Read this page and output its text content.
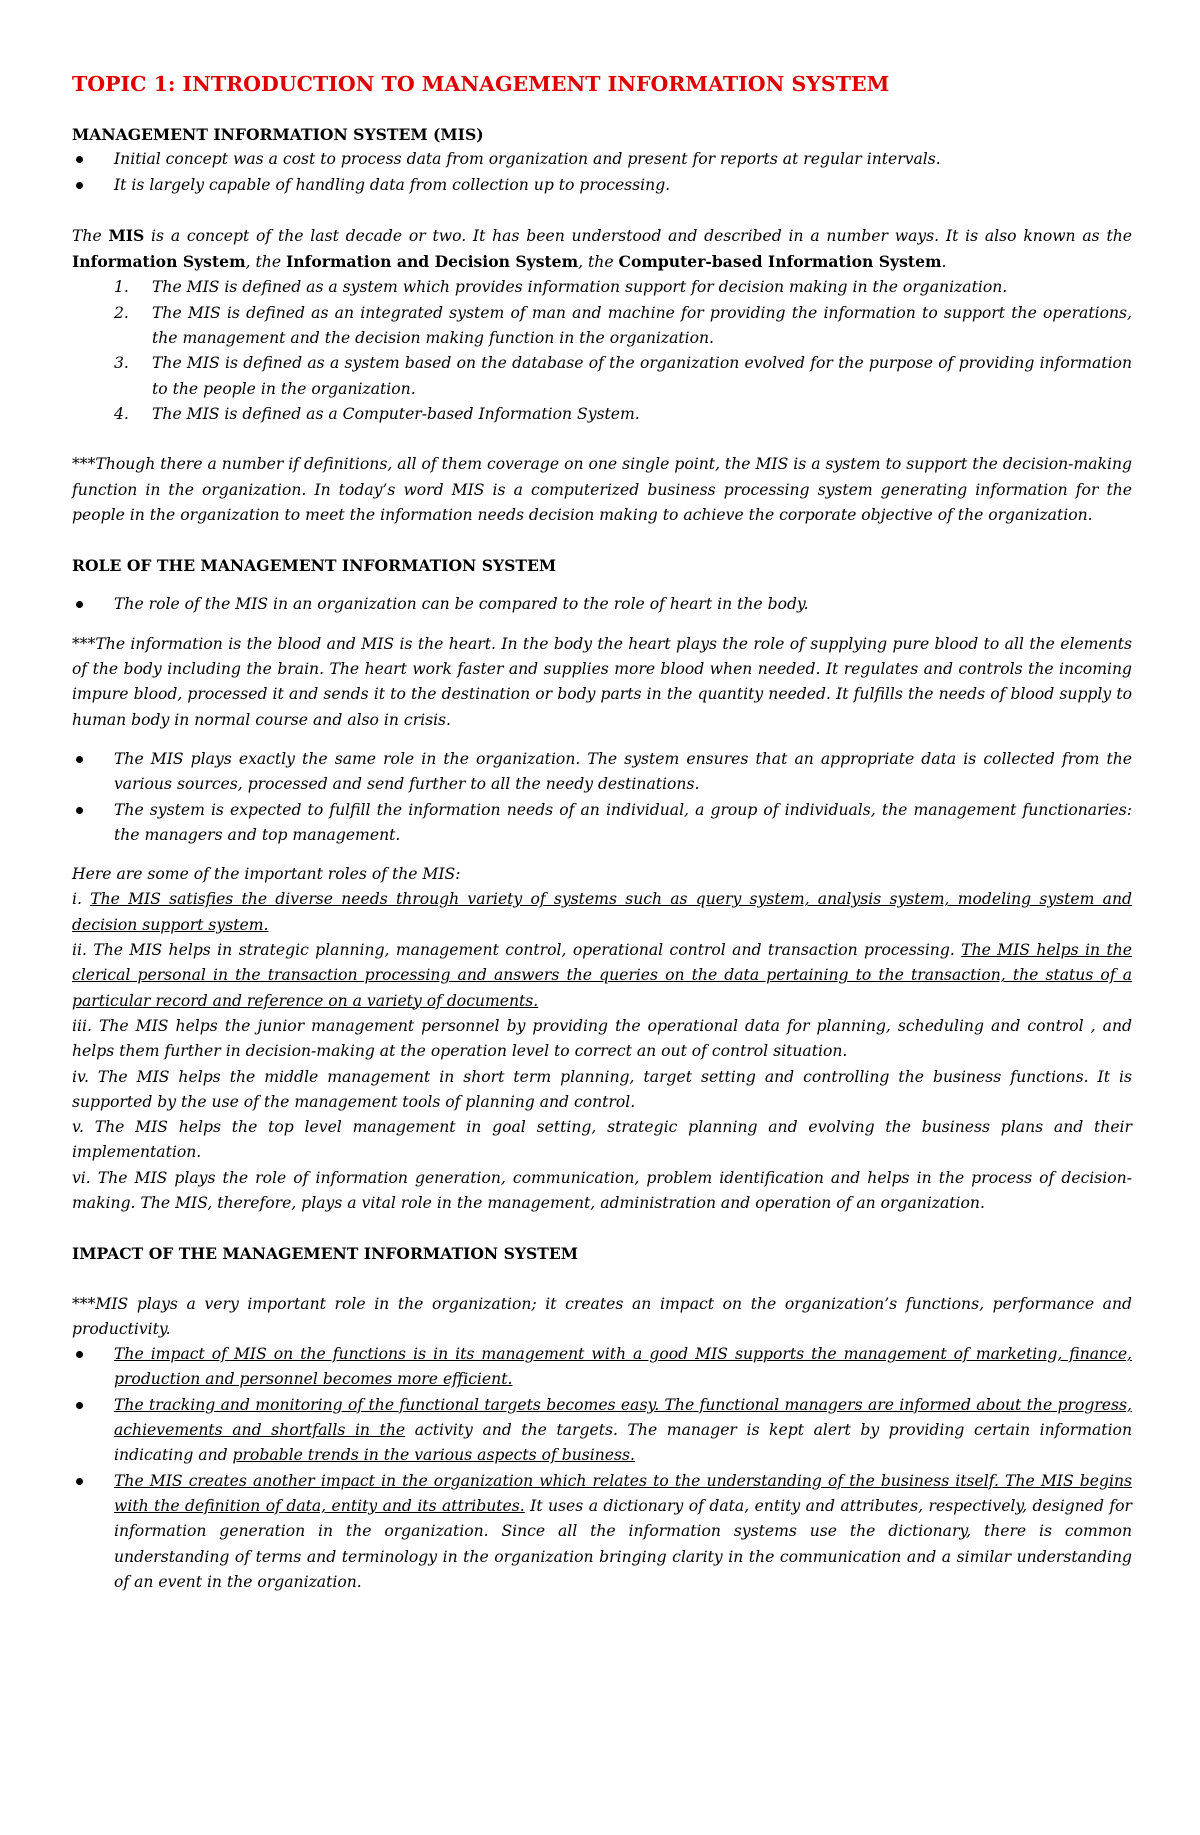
TOPIC 1: INTRODUCTION TO MANAGEMENT INFORMATION SYSTEM

MANAGEMENT INFORMATION SYSTEM (MIS)

Initial concept was a cost to process data from organization and present for reports at regular intervals.
It is largely capable of handling data from collection up to processing.

The MIS is a concept of the last decade or two. It has been understood and described in a number ways. It is also known as the Information System, the Information and Decision System, the Computer-based Information System.

1. The MIS is defined as a system which provides information support for decision making in the organization.
2. The MIS is defined as an integrated system of man and machine for providing the information to support the operations, the management and the decision making function in the organization.
3. The MIS is defined as a system based on the database of the organization evolved for the purpose of providing information to the people in the organization.
4. The MIS is defined as a Computer-based Information System.

***Though there a number if definitions, all of them coverage on one single point, the MIS is a system to support the decision-making function in the organization. In today’s word MIS is a computerized business processing system generating information for the people in the organization to meet the information needs decision making to achieve the corporate objective of the organization.

ROLE OF THE MANAGEMENT INFORMATION SYSTEM

The role of the MIS in an organization can be compared to the role of heart in the body.

***The information is the blood and MIS is the heart. In the body the heart plays the role of supplying pure blood to all the elements of the body including the brain. The heart work faster and supplies more blood when needed. It regulates and controls the incoming impure blood, processed it and sends it to the destination or body parts in the quantity needed. It fulfills the needs of blood supply to human body in normal course and also in crisis.

The MIS plays exactly the same role in the organization. The system ensures that an appropriate data is collected from the various sources, processed and send further to all the needy destinations.
The system is expected to fulfill the information needs of an individual, a group of individuals, the management functionaries: the managers and top management.

Here are some of the important roles of the MIS:

i. The MIS satisfies the diverse needs through variety of systems such as query system, analysis system, modeling system and decision support system.

ii. The MIS helps in strategic planning, management control, operational control and transaction processing. The MIS helps in the clerical personal in the transaction processing and answers the queries on the data pertaining to the transaction, the status of a particular record and reference on a variety of documents.

iii. The MIS helps the junior management personnel by providing the operational data for planning, scheduling and control , and helps them further in decision-making at the operation level to correct an out of control situation.

iv. The MIS helps the middle management in short term planning, target setting and controlling the business functions. It is supported by the use of the management tools of planning and control.

v. The MIS helps the top level management in goal setting, strategic planning and evolving the business plans and their implementation.

vi. The MIS plays the role of information generation, communication, problem identification and helps in the process of decision-making. The MIS, therefore, plays a vital role in the management, administration and operation of an organization.

IMPACT OF THE MANAGEMENT INFORMATION SYSTEM

***MIS plays a very important role in the organization; it creates an impact on the organization’s functions, performance and productivity.

The impact of MIS on the functions is in its management with a good MIS supports the management of marketing, finance, production and personnel becomes more efficient.
The tracking and monitoring of the functional targets becomes easy. The functional managers are informed about the progress, achievements and shortfalls in the activity and the targets. The manager is kept alert by providing certain information indicating and probable trends in the various aspects of business.
The MIS creates another impact in the organization which relates to the understanding of the business itself. The MIS begins with the definition of data, entity and its attributes. It uses a dictionary of data, entity and attributes, respectively, designed for information generation in the organization. Since all the information systems use the dictionary, there is common understanding of terms and terminology in the organization bringing clarity in the communication and a similar understanding of an event in the organization.
